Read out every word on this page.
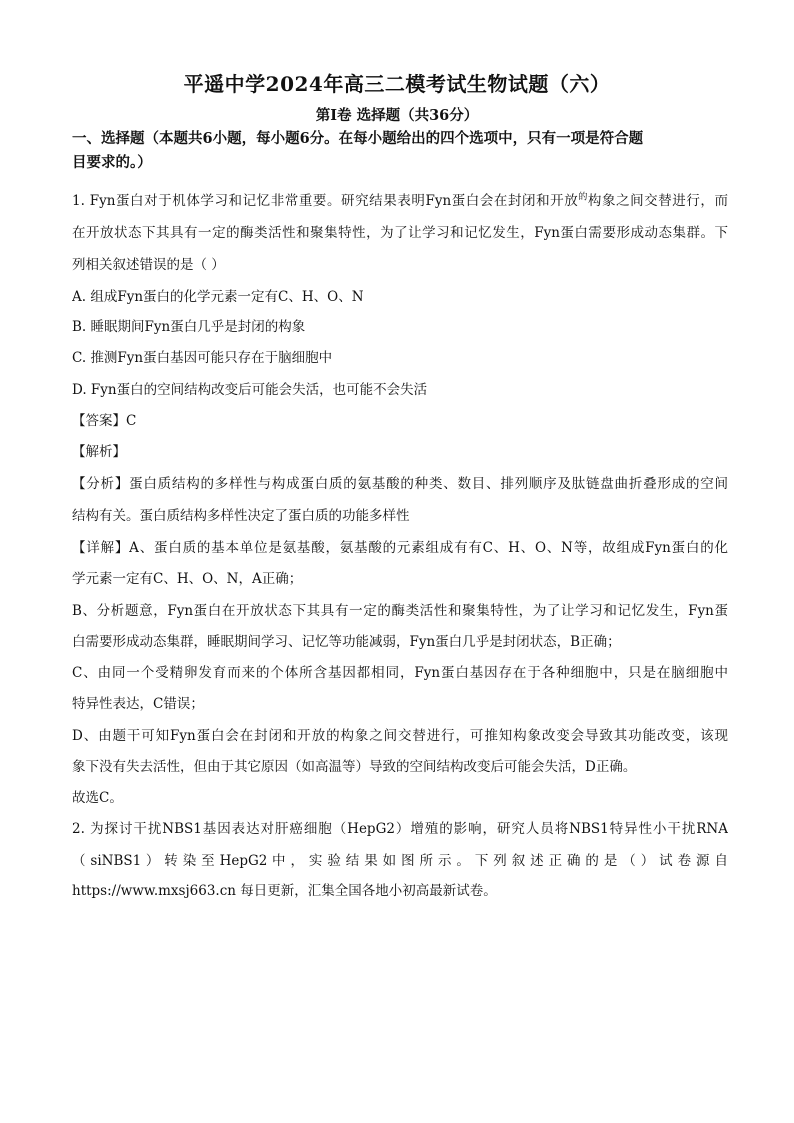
平遥中学2024年高三二模考试生物试题（六）
第Ⅰ卷 选择题（共36分）
一、选择题（本题共6小题，每小题6分。在每小题给出的四个选项中，只有一项是符合题
目要求的。）
1. Fyn蛋白对于机体学习和记忆非常重要。研究结果表明Fyn蛋白会在封闭和开放$^的$构象之间交替进行，而
在开放状态下其具有一定的酶类活性和聚集特性，为了让学习和记忆发生，Fyn蛋白需要形成动态集群。下
列相关叙述错误的是（ ）
A. 组成Fyn蛋白的化学元素一定有C、H、O、N
B. 睡眠期间Fyn蛋白几乎是封闭的构象
C. 推测Fyn蛋白基因可能只存在于脑细胞中
D. Fyn蛋白的空间结构改变后可能会失活，也可能不会失活
【答案】C
【解析】
【分析】蛋白质结构的多样性与构成蛋白质的氨基酸的种类、数目、排列顺序及肽链盘曲折叠形成的空间
结构有关。蛋白质结构多样性决定了蛋白质的功能多样性
【详解】A、蛋白质的基本单位是氨基酸，氨基酸的元素组成有有C、H、O、N等，故组成Fyn蛋白的化
学元素一定有C、H、O、N，A正确；
B、分析题意，Fyn蛋白在开放状态下其具有一定的酶类活性和聚集特性，为了让学习和记忆发生，Fyn蛋
白需要形成动态集群，睡眠期间学习、记忆等功能减弱，Fyn蛋白几乎是封闭状态，B正确；
C、由同一个受精卵发育而来的个体所含基因都相同，Fyn蛋白基因存在于各种细胞中，只是在脑细胞中
特异性表达，C错误；
D、由题干可知Fyn蛋白会在封闭和开放的构象之间交替进行，可推知构象改变会导致其功能改变，该现
象下没有失去活性，但由于其它原因（如高温等）导致的空间结构改变后可能会失活，D正确。
故选C。
2. 为探讨干扰NBS1基因表达对肝癌细胞（HepG2）增殖的影响，研究人员将NBS1特异性小干扰RNA
（ siNBS1 ） 转 染 至 HepG2 中 ， 实 验 结 果 如 图 所 示 。 下 列 叙 述 正 确 的 是 （ ） 试 卷 源 自
https://www.mxsj663.cn 每日更新，汇集全国各地小初高最新试卷。
